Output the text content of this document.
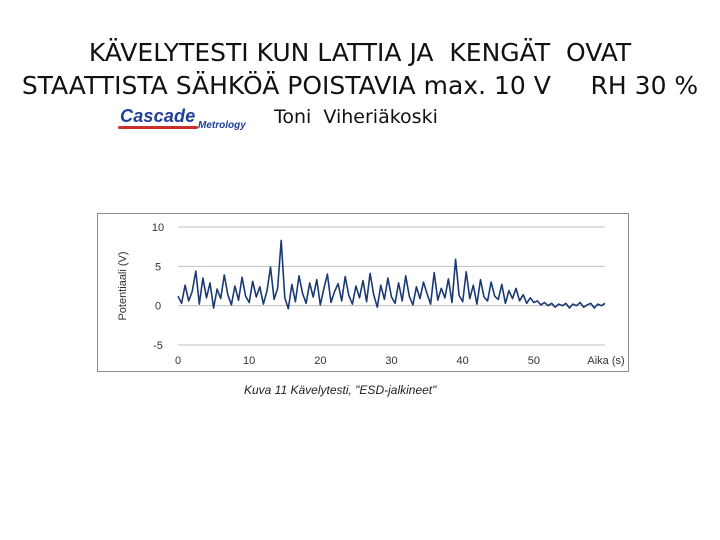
KÄVELYTESTI KUN LATTIA JA  KENGÄT  OVAT
STAATTISTA SÄHKÖÄ POISTAVIA max. 10 V     RH 30 %
Cascade Metrology Toni  Viheriäkoski
10
5
0
-5
0	10	20	30	40	50	Aika (s)
Potentiaali (V)
Kuva 11 Kävelytesti, "ESD-jalkineet"
